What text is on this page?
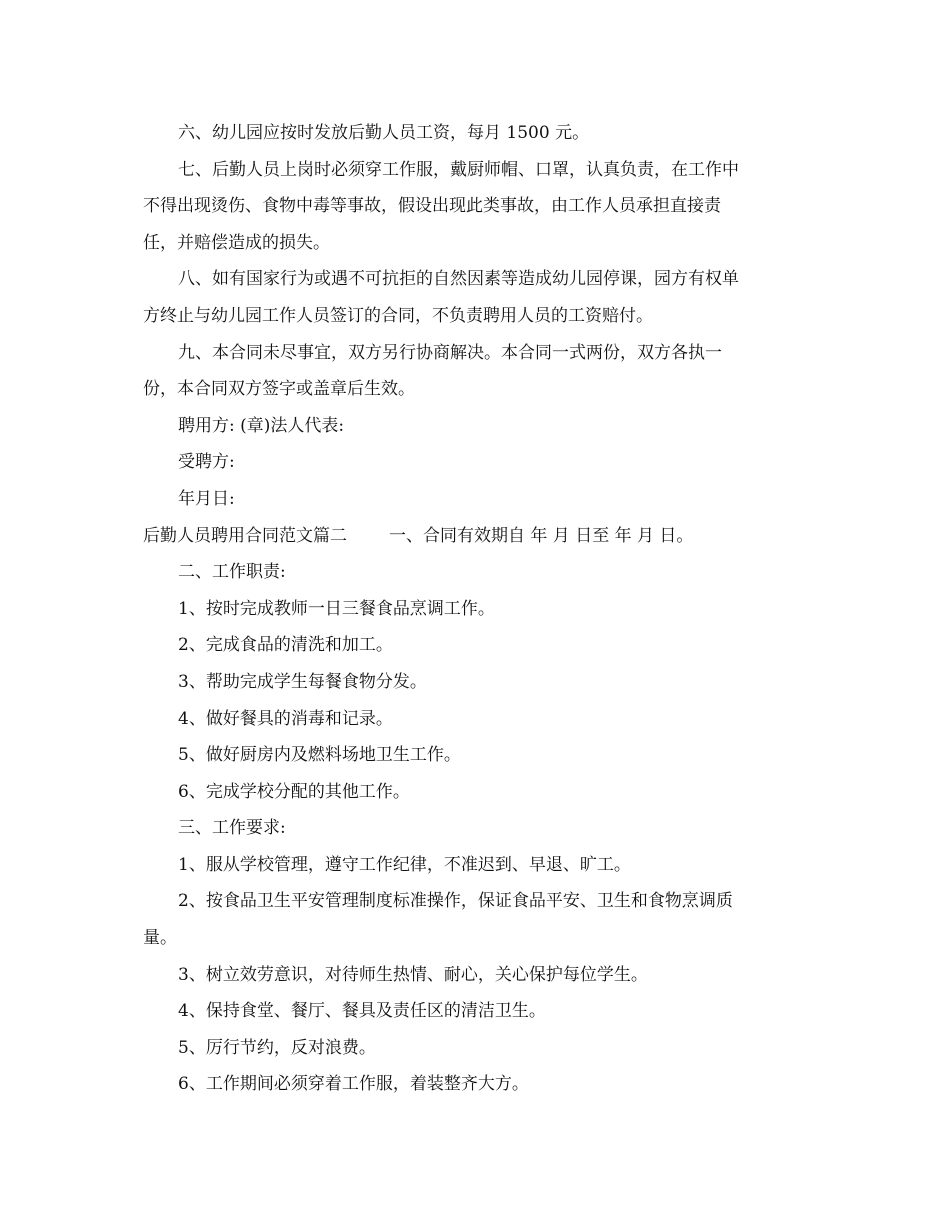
六、幼儿园应按时发放后勤人员工资，每月 1500 元。
七、后勤人员上岗时必须穿工作服，戴厨师帽、口罩，认真负责，在工作中
不得出现烫伤、食物中毒等事故，假设出现此类事故，由工作人员承担直接责
任，并赔偿造成的损失。
八、如有国家行为或遇不可抗拒的自然因素等造成幼儿园停课，园方有权单
方终止与幼儿园工作人员签订的合同，不负责聘用人员的工资赔付。
九、本合同未尽事宜，双方另行协商解决。本合同一式两份，双方各执一
份，本合同双方签字或盖章后生效。
聘用方: (章)法人代表:
受聘方:
年月日:
后勤人员聘用合同范文篇二 一、合同有效期自 年 月 日至 年 月 日。
二、工作职责:
1、按时完成教师一日三餐食品烹调工作。
2、完成食品的清洗和加工。
3、帮助完成学生每餐食物分发。
4、做好餐具的消毒和记录。
5、做好厨房内及燃料场地卫生工作。
6、完成学校分配的其他工作。
三、工作要求:
1、服从学校管理，遵守工作纪律，不准迟到、早退、旷工。
2、按食品卫生平安管理制度标准操作，保证食品平安、卫生和食物烹调质
量。
3、树立效劳意识，对待师生热情、耐心，关心保护每位学生。
4、保持食堂、餐厅、餐具及责任区的清洁卫生。
5、厉行节约，反对浪费。
6、工作期间必须穿着工作服，着装整齐大方。
